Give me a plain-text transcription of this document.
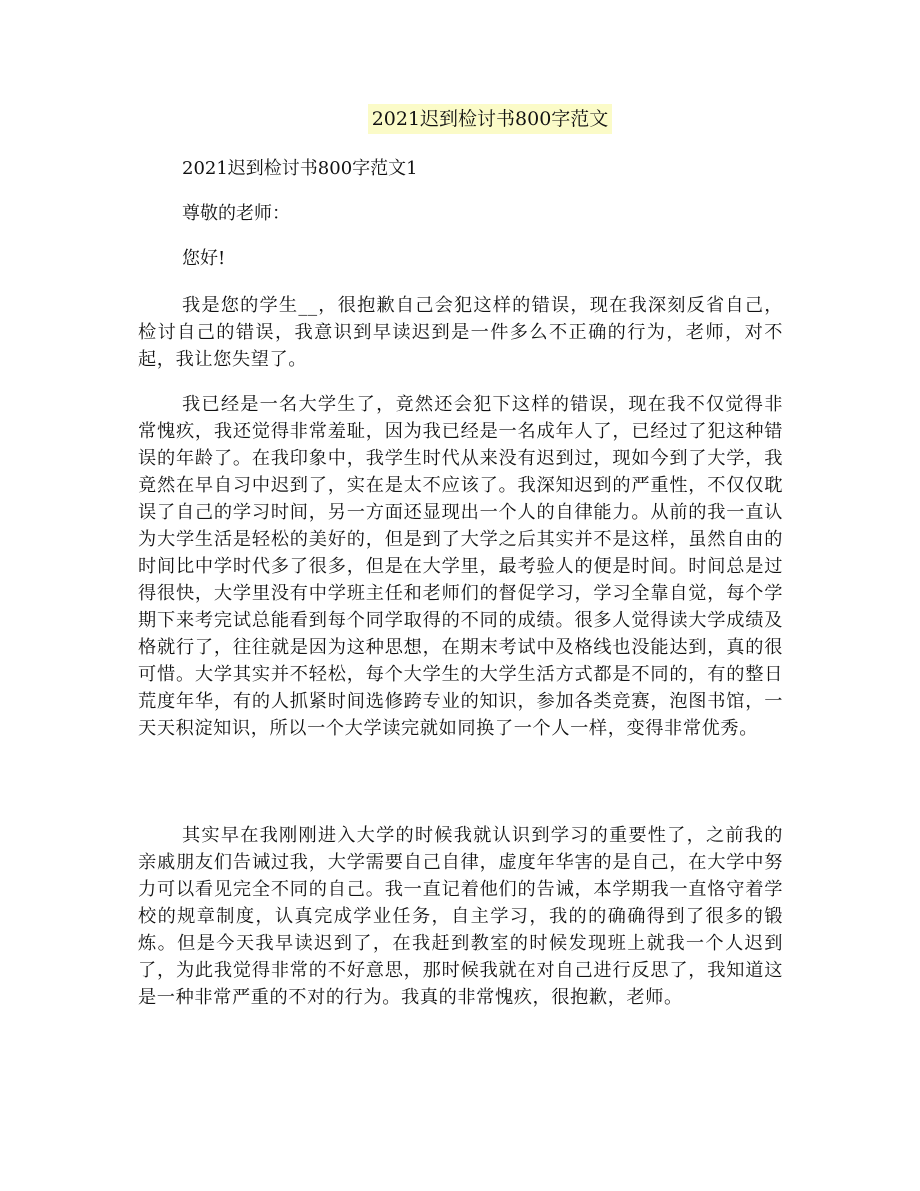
2021迟到检讨书800字范文
2021迟到检讨书800字范文1
尊敬的老师：
您好!

我是您的学生__，很抱歉自己会犯这样的错误，现在我深刻反省自己，检讨自己的错误，我意识到早读迟到是一件多么不正确的行为，老师，对不起，我让您失望了。

我已经是一名大学生了，竟然还会犯下这样的错误，现在我不仅觉得非常愧疚，我还觉得非常羞耻，因为我已经是一名成年人了，已经过了犯这种错误的年龄了。在我印象中，我学生时代从来没有迟到过，现如今到了大学，我竟然在早自习中迟到了，实在是太不应该了。我深知迟到的严重性，不仅仅耽误了自己的学习时间，另一方面还显现出一个人的自律能力。从前的我一直认为大学生活是轻松的美好的，但是到了大学之后其实并不是这样，虽然自由的时间比中学时代多了很多，但是在大学里，最考验人的便是时间。时间总是过得很快，大学里没有中学班主任和老师们的督促学习，学习全靠自觉，每个学期下来考完试总能看到每个同学取得的不同的成绩。很多人觉得读大学成绩及格就行了，往往就是因为这种思想，在期末考试中及格线也没能达到，真的很可惜。大学其实并不轻松，每个大学生的大学生活方式都是不同的，有的整日荒度年华，有的人抓紧时间选修跨专业的知识，参加各类竞赛，泡图书馆，一天天积淀知识，所以一个大学读完就如同换了一个人一样，变得非常优秀。

其实早在我刚刚进入大学的时候我就认识到学习的重要性了，之前我的亲戚朋友们告诫过我，大学需要自己自律，虚度年华害的是自己，在大学中努力可以看见完全不同的自己。我一直记着他们的告诫，本学期我一直恪守着学校的规章制度，认真完成学业任务，自主学习，我的的确确得到了很多的锻炼。但是今天我早读迟到了，在我赶到教室的时候发现班上就我一个人迟到了，为此我觉得非常的不好意思，那时候我就在对自己进行反思了，我知道这是一种非常严重的不对的行为。我真的非常愧疚，很抱歉，老师。
